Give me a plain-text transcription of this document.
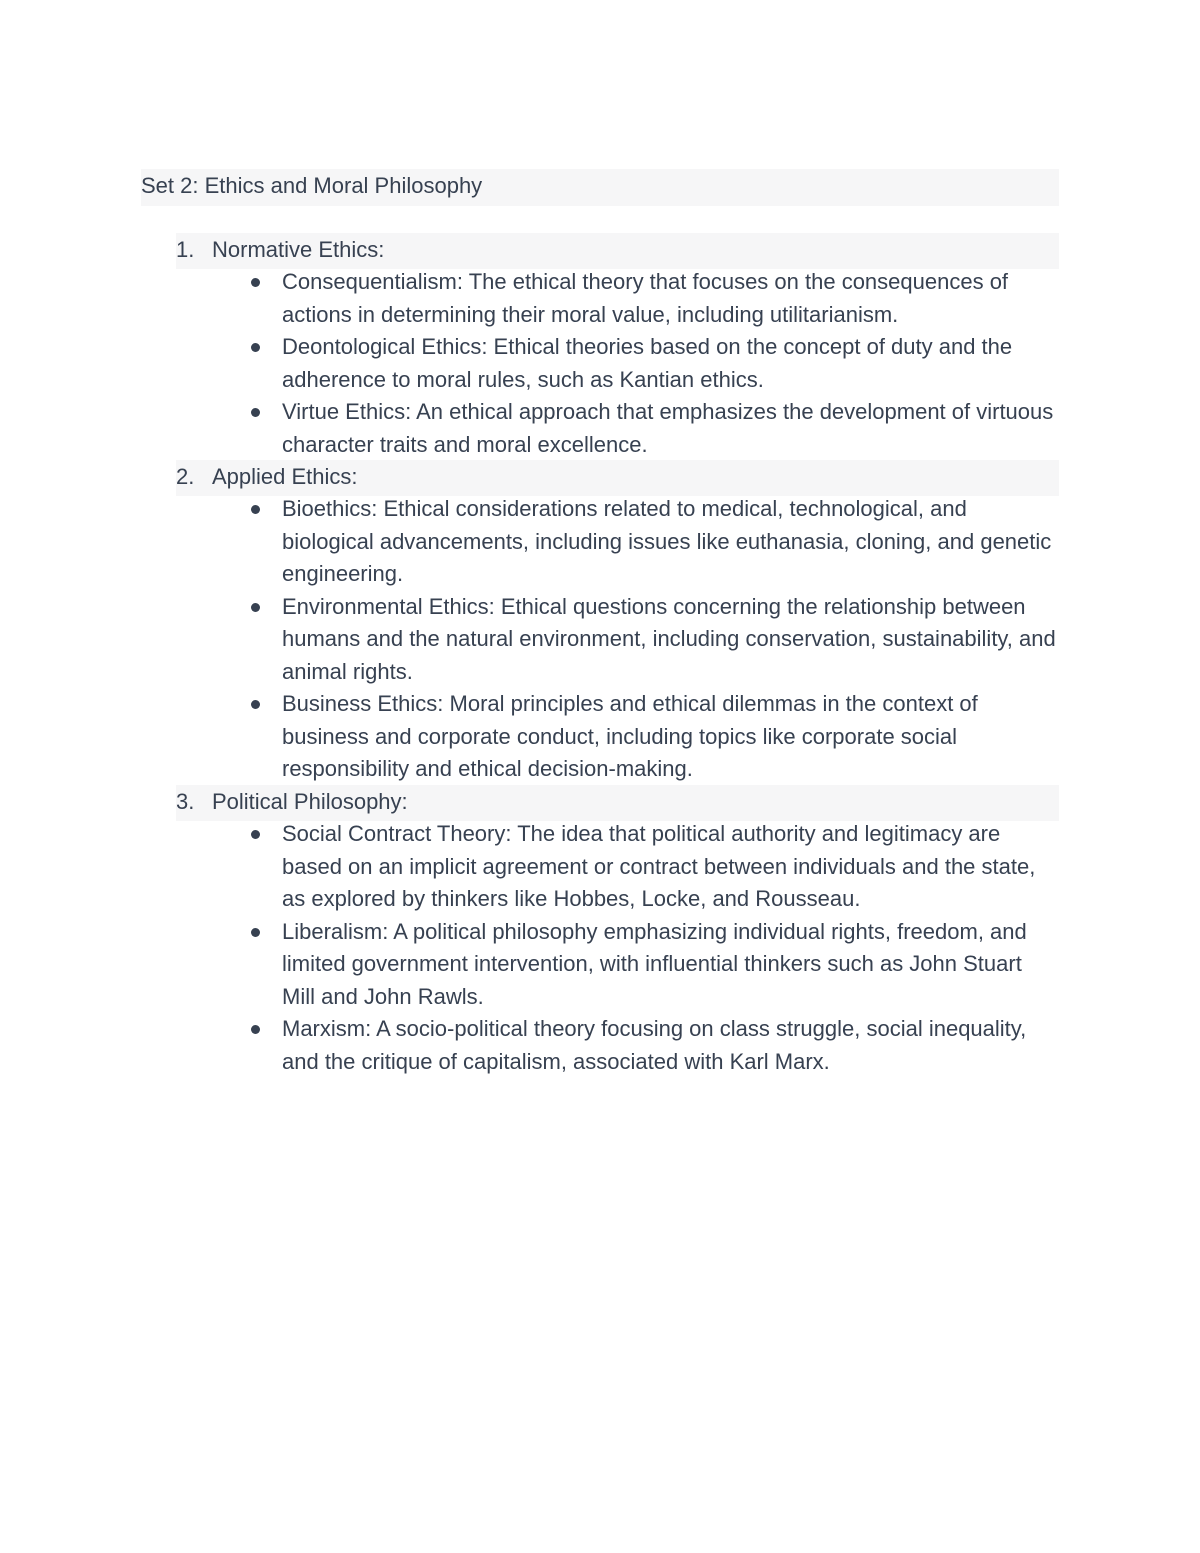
Set 2: Ethics and Moral Philosophy
1. Normative Ethics:
Consequentialism: The ethical theory that focuses on the consequences of actions in determining their moral value, including utilitarianism.
Deontological Ethics: Ethical theories based on the concept of duty and the adherence to moral rules, such as Kantian ethics.
Virtue Ethics: An ethical approach that emphasizes the development of virtuous character traits and moral excellence.
2. Applied Ethics:
Bioethics: Ethical considerations related to medical, technological, and biological advancements, including issues like euthanasia, cloning, and genetic engineering.
Environmental Ethics: Ethical questions concerning the relationship between humans and the natural environment, including conservation, sustainability, and animal rights.
Business Ethics: Moral principles and ethical dilemmas in the context of business and corporate conduct, including topics like corporate social responsibility and ethical decision-making.
3. Political Philosophy:
Social Contract Theory: The idea that political authority and legitimacy are based on an implicit agreement or contract between individuals and the state, as explored by thinkers like Hobbes, Locke, and Rousseau.
Liberalism: A political philosophy emphasizing individual rights, freedom, and limited government intervention, with influential thinkers such as John Stuart Mill and John Rawls.
Marxism: A socio-political theory focusing on class struggle, social inequality, and the critique of capitalism, associated with Karl Marx.
